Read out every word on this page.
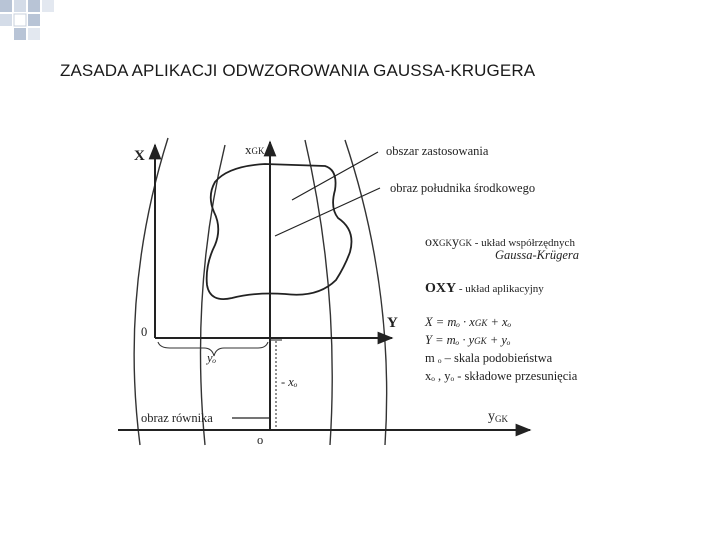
ZASADA APLIKACJI ODWZOROWANIA GAUSSA-KRUGERA
X
Y
0
o
xGK
yGK
yₒ
- xₒ
obszar zastosowania
obraz południka środkowego
obraz równika
oxGKyGK - układ współrzędnych
Gaussa-Krügera
OXY - układ aplikacyjny
X = mₒ · xGK + xₒ
Y = mₒ · yGK + yₒ
m ₒ – skala podobieństwa
xₒ , yₒ - składowe przesunięcia
